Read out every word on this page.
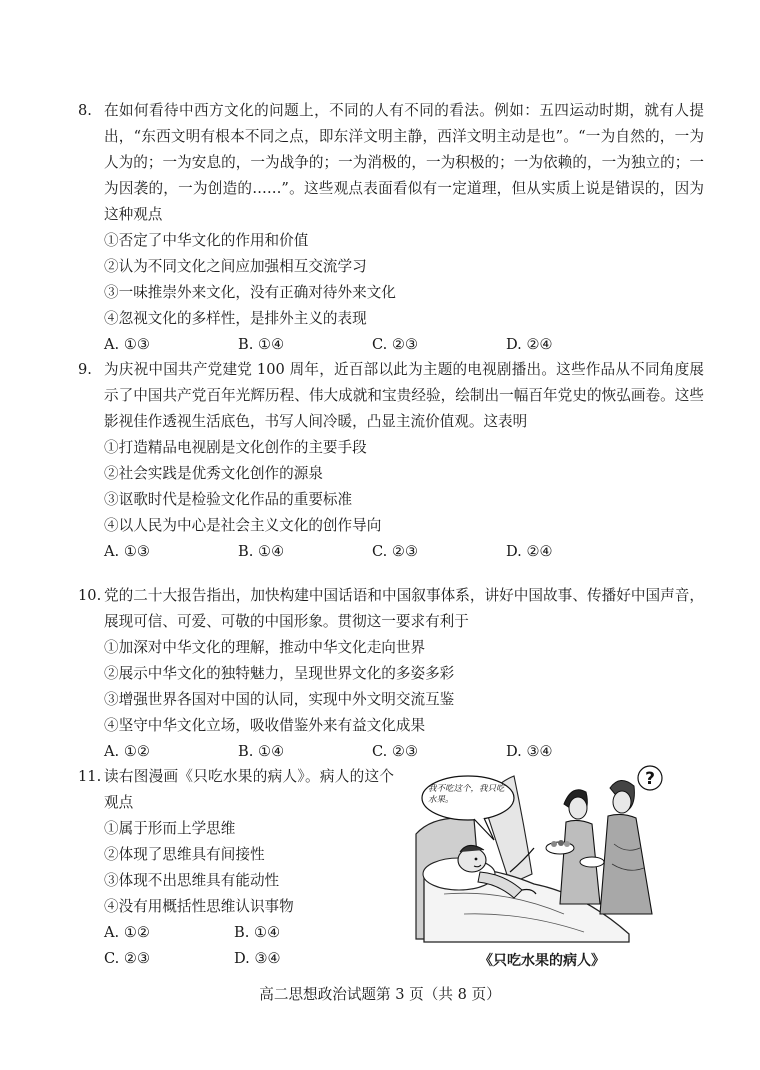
8. 在如何看待中西方文化的问题上，不同的人有不同的看法。例如：五四运动时期，就有人提出，“东西文明有根本不同之点，即东洋文明主静，西洋文明主动是也”。“一为自然的，一为人为的；一为安息的，一为战争的；一为消极的，一为积极的；一为依赖的，一为独立的；一为因袭的，一为创造的……”。这些观点表面看似有一定道理，但从实质上说是错误的，因为这种观点

①否定了中华文化的作用和价值

②认为不同文化之间应加强相互交流学习

③一味推崇外来文化，没有正确对待外来文化

④忽视文化的多样性，是排外主义的表现

A. ①③	B. ①④	C. ②③	D. ②④
9. 为庆祝中国共产党建党 100 周年，近百部以此为主题的电视剧播出。这些作品从不同角度展示了中国共产党百年光辉历程、伟大成就和宝贵经验，绘制出一幅百年党史的恢弘画卷。这些影视佳作透视生活底色，书写人间冷暖，凸显主流价值观。这表明

①打造精品电视剧是文化创作的主要手段

②社会实践是优秀文化创作的源泉

③讴歌时代是检验文化作品的重要标准

④以人民为中心是社会主义文化的创作导向

A. ①③	B. ①④	C. ②③	D. ②④
10. 党的二十大报告指出，加快构建中国话语和中国叙事体系，讲好中国故事、传播好中国声音，展现可信、可爱、可敬的中国形象。贯彻这一要求有利于

①加深对中华文化的理解，推动中华文化走向世界

②展示中华文化的独特魅力，呈现世界文化的多姿多彩

③增强世界各国对中国的认同，实现中外文明交流互鉴

④坚守中华文化立场，吸收借鉴外来有益文化成果

A. ①②	B. ①④	C. ②③	D. ③④
11. 读右图漫画《只吃水果的病人》。病人的这个观点

①属于形而上学思维

②体现了思维具有间接性

③体现不出思维具有能动性

④没有用概括性思维认识事物

A. ①②	B. ①④
C. ②③	D. ③④
我不吃这个，我只吃水果。
?
《只吃水果的病人》
高二思想政治试题第 3 页（共 8 页）
